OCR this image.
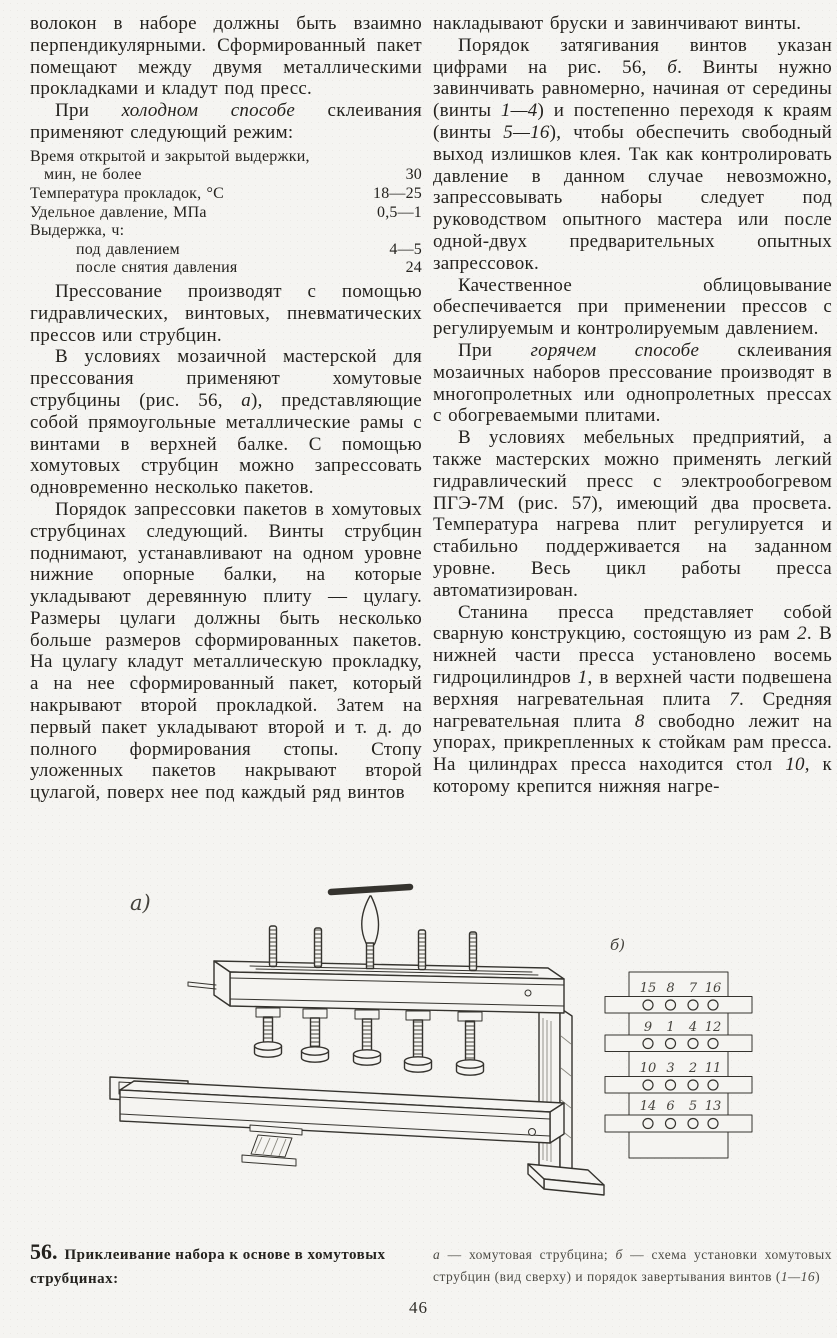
волокон в наборе должны быть взаимно перпендикулярными. Сформированный пакет помещают между двумя металлическими прокладками и кладут под пресс.

При холодном способе склеивания применяют следующий режим:

Время открытой и закрытой выдержки,
мин, не более	30
Температура прокладок, °С	18—25
Удельное давление, МПа	0,5—1
Выдержка, ч:
под давлением	4—5
после снятия давления	24

Прессование производят с помощью гидравлических, винтовых, пневматических прессов или струбцин.

В условиях мозаичной мастерской для прессования применяют хомутовые струбцины (рис. 56, а), представляющие собой прямоугольные металлические рамы с винтами в верхней балке. С помощью хомутовых струбцин можно запрессовать одновременно несколько пакетов.

Порядок запрессовки пакетов в хомутовых струбцинах следующий. Винты струбцин поднимают, устанавливают на одном уровне нижние опорные балки, на которые укладывают деревянную плиту — цулагу. Размеры цулаги должны быть несколько больше размеров сформированных пакетов. На цулагу кладут металлическую прокладку, а на нее сформированный пакет, который накрывают второй прокладкой. Затем на первый пакет укладывают второй и т. д. до полного формирования стопы. Стопу уложенных пакетов накрывают второй цулагой, поверх нее под каждый ряд винтов

накладывают бруски и завинчивают винты.

Порядок затягивания винтов указан цифрами на рис. 56, б. Винты нужно завинчивать равномерно, начиная от середины (винты 1—4) и постепенно переходя к краям (винты 5—16), чтобы обеспечить свободный выход излишков клея. Так как контролировать давление в данном случае невозможно, запрессовывать наборы следует под руководством опытного мастера или после одной-двух предварительных опытных запрессовок.

Качественное облицовывание обеспечивается при применении прессов с регулируемым и контролируемым давлением.

При горячем способе склеивания мозаичных наборов прессование производят в многопролетных или однопролетных прессах с обогреваемыми плитами.

В условиях мебельных предприятий, а также мастерских можно применять легкий гидравлический пресс с электрообогревом ПГЭ-7М (рис. 57), имеющий два просвета. Температура нагрева плит регулируется и стабильно поддерживается на заданном уровне. Весь цикл работы пресса автоматизирован.

Станина пресса представляет собой сварную конструкцию, состоящую из рам 2. В нижней части пресса установлено восемь гидроцилиндров 1, в верхней части подвешена верхняя нагревательная плита 7. Средняя нагревательная плита 8 свободно лежит на упорах, прикрепленных к стойкам рам пресса. На цилиндрах пресса находится стол 10, к которому крепится нижняя нагре-

а)
б)
15 8 7 16
9 1 4 12
10 3 2 11
14 6 5 13
56. Приклеивание набора к основе в хомутовых струбцинах:
а — хомутовая струбцина; б — схема установки хомутовых струбцин (вид сверху) и порядок завертывания винтов (1—16)
46
